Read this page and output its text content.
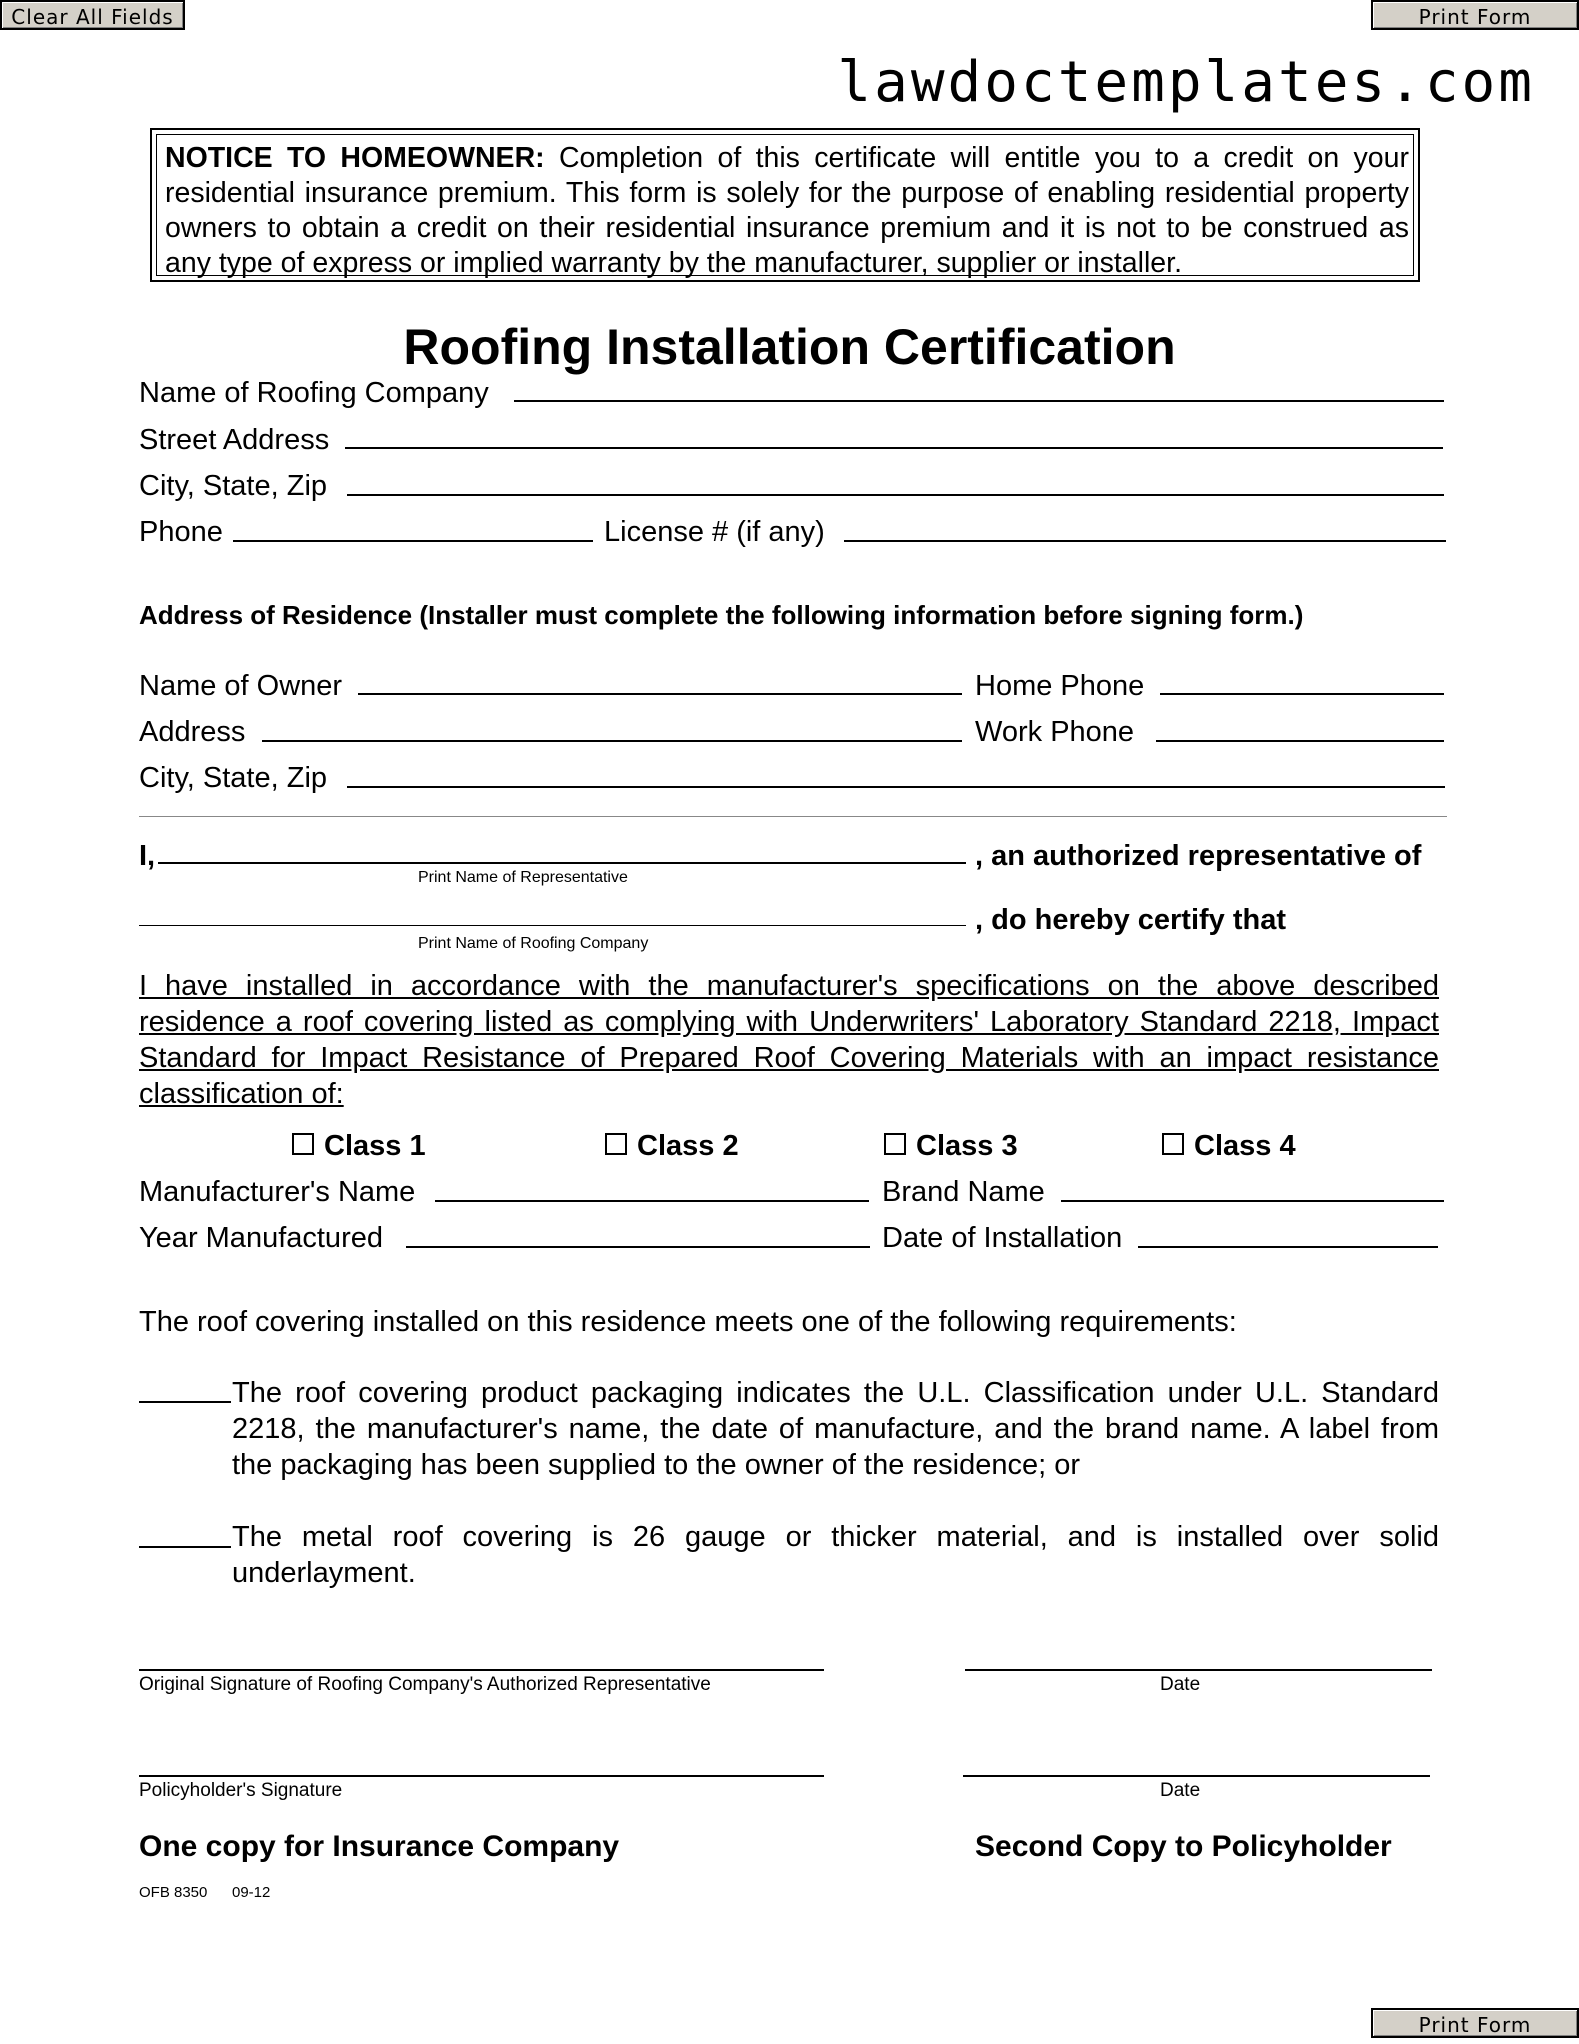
Clear All Fields	Print Form
lawdoctemplates.com
NOTICE TO HOMEOWNER: Completion of this certificate will entitle you to a credit on your residential insurance premium. This form is solely for the purpose of enabling residential property owners to obtain a credit on their residential insurance premium and it is not to be construed as any type of express or implied warranty by the manufacturer, supplier or installer.
Roofing Installation Certification
Name of Roofing Company
Street Address
City, State, Zip
Phone	License # (if any)
Address of Residence (Installer must complete the following information before signing form.)
Name of Owner	Home Phone
Address	Work Phone
City, State, Zip
I,	, an authorized representative of
Print Name of Representative
, do hereby certify that
Print Name of Roofing Company
I have installed in accordance with the manufacturer's specifications on the above described residence a roof covering listed as complying with Underwriters' Laboratory Standard 2218, Impact Standard for Impact Resistance of Prepared Roof Covering Materials with an impact resistance classification of:
Class 1	Class 2	Class 3	Class 4
Manufacturer's Name	Brand Name
Year Manufactured	Date of Installation
The roof covering installed on this residence meets one of the following requirements:
The roof covering product packaging indicates the U.L. Classification under U.L. Standard 2218, the manufacturer's name, the date of manufacture, and the brand name. A label from the packaging has been supplied to the owner of the residence; or
The metal roof covering is 26 gauge or thicker material, and is installed over solid underlayment.
Original Signature of Roofing Company's Authorized Representative	Date
Policyholder's Signature	Date
One copy for Insurance Company	Second Copy to Policyholder
OFB 8350 09-12
Print Form
